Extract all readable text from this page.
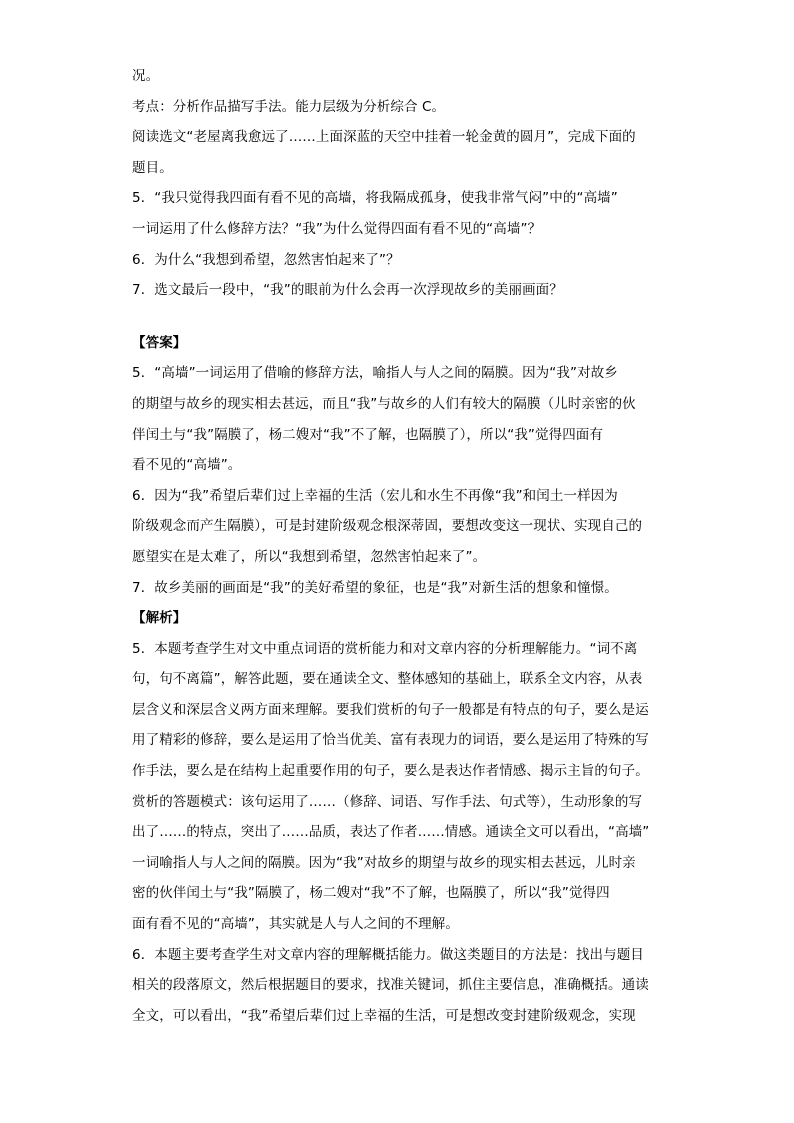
况。
考点：分析作品描写手法。能力层级为分析综合 C。
阅读选文“老屋离我愈远了……上面深蓝的天空中挂着一轮金黄的圆月”，完成下面的
题目。
5．“我只觉得我四面有看不见的高墙，将我隔成孤身，使我非常气闷”中的“高墙”
一词运用了什么修辞方法？“我”为什么觉得四面有看不见的“高墙”？
6．为什么“我想到希望，忽然害怕起来了”？
7．选文最后一段中，“我”的眼前为什么会再一次浮现故乡的美丽画面？
【答案】
5．“高墙”一词运用了借喻的修辞方法，喻指人与人之间的隔膜。因为“我”对故乡
的期望与故乡的现实相去甚远，而且“我”与故乡的人们有较大的隔膜（儿时亲密的伙
伴闰土与“我”隔膜了，杨二嫂对“我”不了解，也隔膜了），所以“我”觉得四面有
看不见的“高墙”。
6．因为“我”希望后辈们过上幸福的生活（宏儿和水生不再像“我”和闰土一样因为
阶级观念而产生隔膜），可是封建阶级观念根深蒂固，要想改变这一现状、实现自己的
愿望实在是太难了，所以“我想到希望，忽然害怕起来了”。
7．故乡美丽的画面是“我”的美好希望的象征，也是“我”对新生活的想象和憧憬。
【解析】
5．本题考查学生对文中重点词语的赏析能力和对文章内容的分析理解能力。“词不离
句，句不离篇”，解答此题，要在通读全文、整体感知的基础上，联系全文内容，从表
层含义和深层含义两方面来理解。要我们赏析的句子一般都是有特点的句子，要么是运
用了精彩的修辞，要么是运用了恰当优美、富有表现力的词语，要么是运用了特殊的写
作手法，要么是在结构上起重要作用的句子，要么是表达作者情感、揭示主旨的句子。
赏析的答题模式：该句运用了……（修辞、词语、写作手法、句式等），生动形象的写
出了……的特点，突出了……品质，表达了作者……情感。通读全文可以看出，“高墙”
一词喻指人与人之间的隔膜。因为“我”对故乡的期望与故乡的现实相去甚远，儿时亲
密的伙伴闰土与“我”隔膜了，杨二嫂对“我”不了解，也隔膜了，所以“我”觉得四
面有看不见的“高墙”，其实就是人与人之间的不理解。
6．本题主要考查学生对文章内容的理解概括能力。做这类题目的方法是：找出与题目
相关的段落原文，然后根据题目的要求，找准关键词，抓住主要信息，准确概括。通读
全文，可以看出，“我”希望后辈们过上幸福的生活，可是想改变封建阶级观念，实现
